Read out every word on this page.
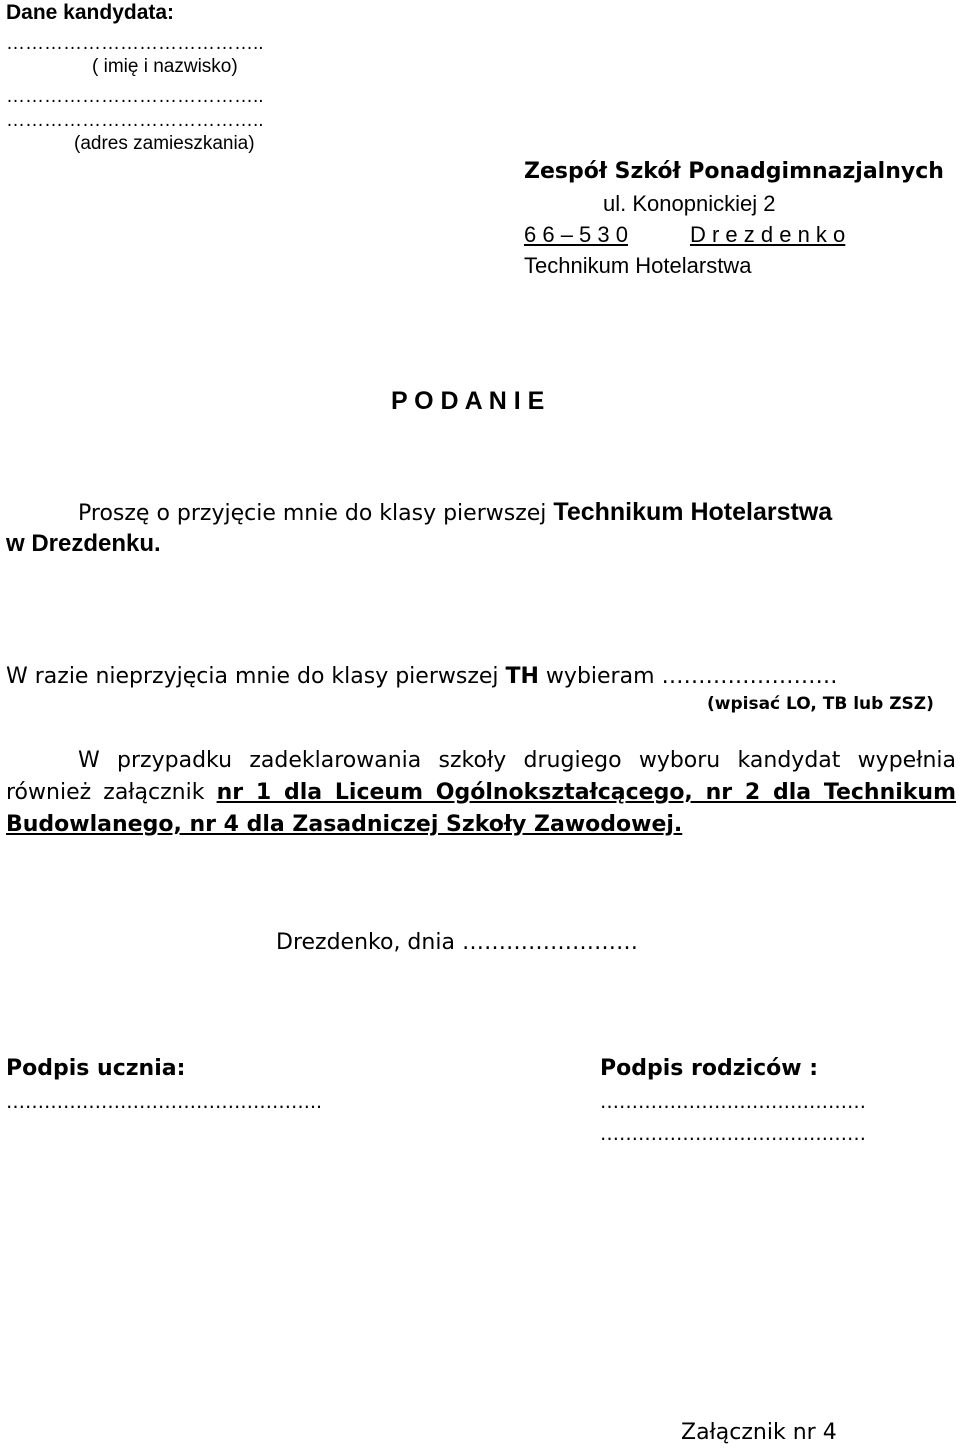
Dane kandydata:
…………………………………..
( imię i nazwisko)
…………………………………..
…………………………………..
(adres zamieszkania)
Zespół Szkół Ponadgimnazjalnych
ul. Konopnickiej 2
6 6 – 5 3 0	D r e z d e n k o
Technikum Hotelarstwa
P O D A N I E
Proszę o przyjęcie mnie do klasy pierwszej Technikum Hotelarstwa
w Drezdenku.
W razie nieprzyjęcia mnie do klasy pierwszej TH wybieram ……………………
(wpisać LO, TB lub ZSZ)
W przypadku zadeklarowania szkoły drugiego wyboru kandydat wypełnia również załącznik nr 1 dla Liceum Ogólnokształcącego, nr 2 dla Technikum Budowlanego, nr 4 dla Zasadniczej Szkoły Zawodowej.
Drezdenko, dnia ……………………
Podpis ucznia:
…………………………………………..
Podpis rodziców :
……………………………………
……………………………………
Załącznik nr 4
